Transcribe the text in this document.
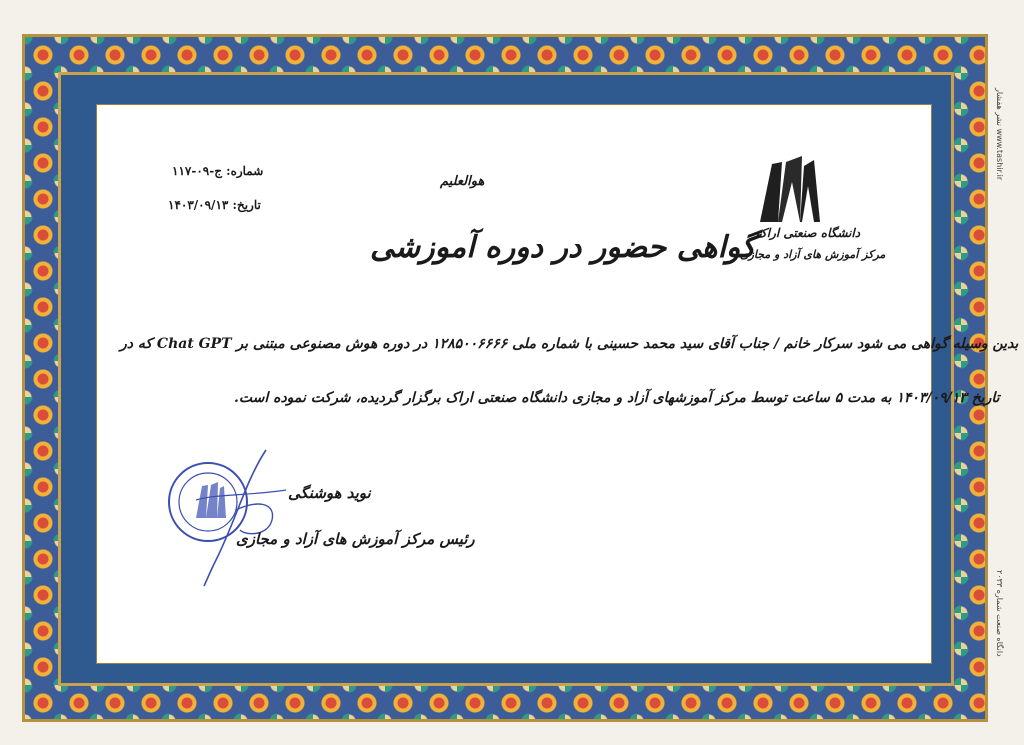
www.tashir.ir نشر هفشار
دانگاه صنعت شماره ۲۰۳۳
شماره: ج-۰۹-۱۱۷
تاریخ: ۱۴۰۳/۰۹/۱۳
هوالعلیم
گواهی حضور در دوره آموزشی دانشگاه صنعتی اراک
مرکز آموزش های آزاد و مجازی
بدین وسیله گواهی می شود سرکار خانم / جناب آقای سید محمد حسینی با شماره ملی ۱۲۸۵۰۰۶۶۶۶ در دوره هوش مصنوعی مبتنی بر Chat GPT که در
تاریخ ۱۴۰۳/۰۹/۱۳ به مدت ۵ ساعت توسط مرکز آموزشهای آزاد و مجازی دانشگاه صنعتی اراک برگزار گردیده، شرکت نموده است.
نوید هوشنگی
رئیس مرکز آموزش های آزاد و مجازی
